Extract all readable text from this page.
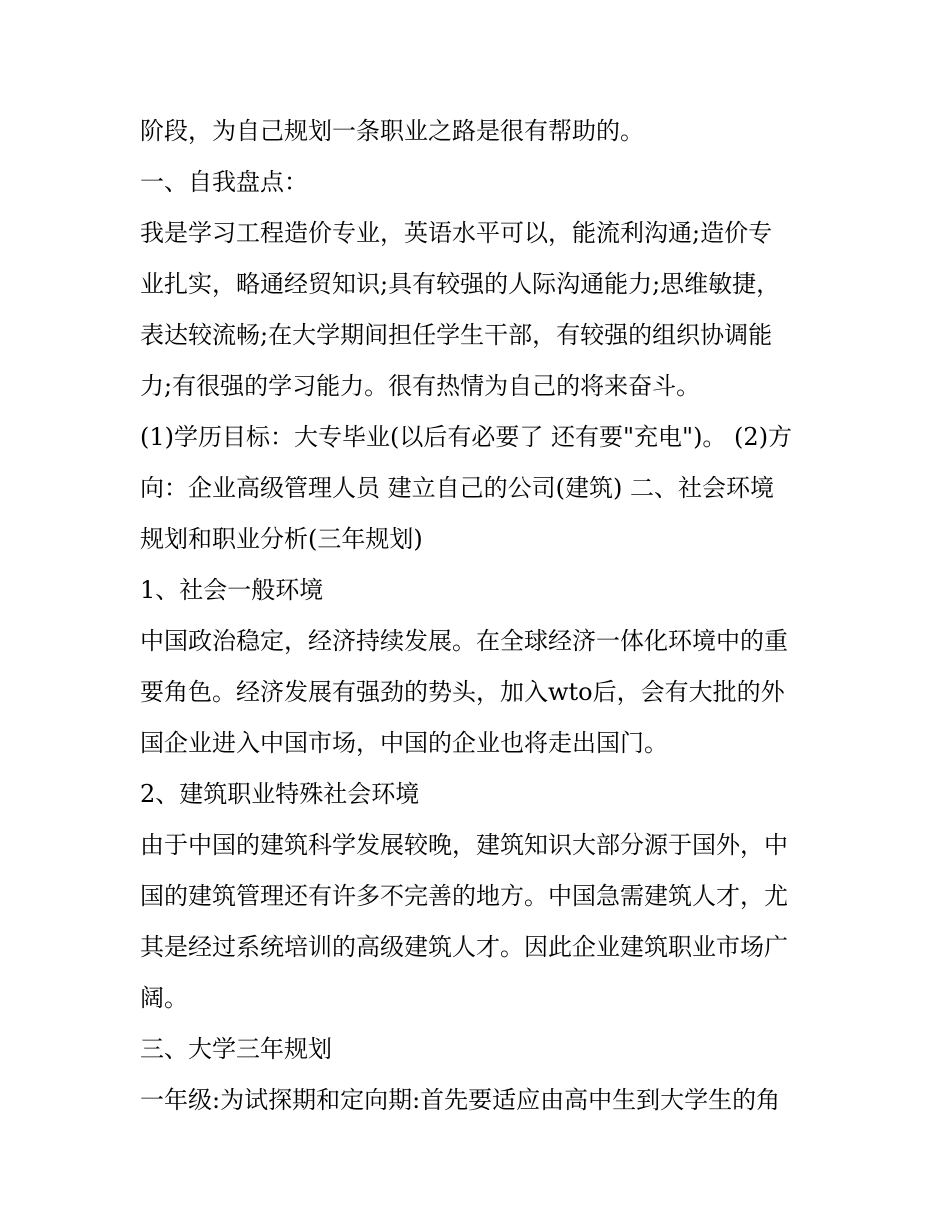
阶段，为自己规划一条职业之路是很有帮助的。
一、自我盘点：
我是学习工程造价专业，英语水平可以，能流利沟通;造价专
业扎实，略通经贸知识;具有较强的人际沟通能力;思维敏捷，
表达较流畅;在大学期间担任学生干部，有较强的组织协调能
力;有很强的学习能力。很有热情为自己的将来奋斗。
(1)学历目标：大专毕业(以后有必要了 还有要"充电")。 (2)方
向：企业高级管理人员 建立自己的公司(建筑) 二、社会环境
规划和职业分析(三年规划)
1、社会一般环境
中国政治稳定，经济持续发展。在全球经济一体化环境中的重
要角色。经济发展有强劲的势头，加入wto后，会有大批的外
国企业进入中国市场，中国的企业也将走出国门。
2、建筑职业特殊社会环境
由于中国的建筑科学发展较晚，建筑知识大部分源于国外，中
国的建筑管理还有许多不完善的地方。中国急需建筑人才，尤
其是经过系统培训的高级建筑人才。因此企业建筑职业市场广
阔。
三、大学三年规划
一年级:为试探期和定向期:首先要适应由高中生到大学生的角
